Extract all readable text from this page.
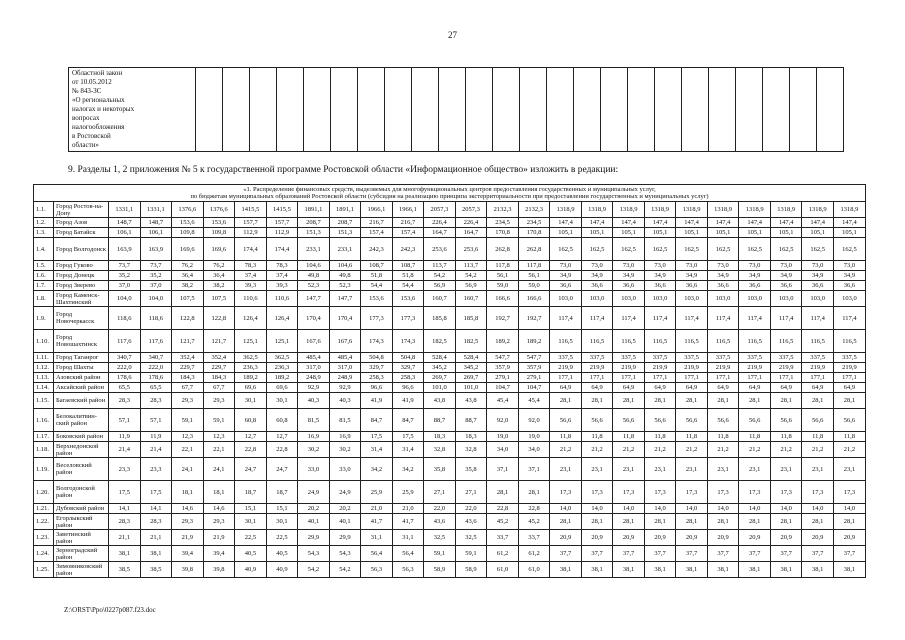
27
Областной закон
от 10.05.2012
№ 843-ЗС
«О региональных
налогах и некоторых
вопросах
налогообложения
в Ростовской
области»

9. Разделы 1, 2 приложения № 5 к государственной программе Ростовской области «Информационное общество» изложить в редакции:
«1. Распределение финансовых средств, выделяемых для многофункциональных центров предоставления государственных и муниципальных услуг,
по бюджетам муниципальных образований Ростовской области (субсидия на реализацию принципа экстерриториальности при предоставлении государственных и муниципальных услуг)																									

1.1.	Город Ростов-на-Дону	1331,1	1331,1	1376,6	1376,6	1415,5	1415,5	1891,1	1891,1	1966,1	1966,1	2057,3	2057,3	2132,3	2132,3	1318,9	1318,9	1318,9	1318,9	1318,9	1318,9	1318,9	1318,9	1318,9	1318,9
1.2.	Город Азов	148,7	148,7	153,6	153,6	157,7	157,7	208,7	208,7	216,7	216,7	226,4	226,4	234,5	234,5	147,4	147,4	147,4	147,4	147,4	147,4	147,4	147,4	147,4	147,4
1.3.	Город Батайск	106,1	106,1	109,8	109,8	112,9	112,9	151,3	151,3	157,4	157,4	164,7	164,7	170,8	170,8	105,1	105,1	105,1	105,1	105,1	105,1	105,1	105,1	105,1	105,1
1.4.	Город Волгодонск	163,9	163,9	169,6	169,6	174,4	174,4	233,1	233,1	242,3	242,3	253,6	253,6	262,8	262,8	162,5	162,5	162,5	162,5	162,5	162,5	162,5	162,5	162,5	162,5
1.5.	Город Гуково	73,7	73,7	76,2	76,2	78,3	78,3	104,6	104,6	108,7	108,7	113,7	113,7	117,8	117,8	73,0	73,0	73,0	73,0	73,0	73,0	73,0	73,0	73,0	73,0
1.6.	Город Донецк	35,2	35,2	36,4	36,4	37,4	37,4	49,8	49,8	51,8	51,8	54,2	54,2	56,1	56,1	34,9	34,9	34,9	34,9	34,9	34,9	34,9	34,9	34,9	34,9
1.7.	Город Зверево	37,0	37,0	38,2	38,2	39,3	39,3	52,3	52,3	54,4	54,4	56,9	56,9	59,0	59,0	36,6	36,6	36,6	36,6	36,6	36,6	36,6	36,6	36,6	36,6
1.8.	Город Каменск-Шахтинский	104,0	104,0	107,5	107,5	110,6	110,6	147,7	147,7	153,6	153,6	160,7	160,7	166,6	166,6	103,0	103,0	103,0	103,0	103,0	103,0	103,0	103,0	103,0	103,0
1.9.	Город Новочеркасск	118,6	118,6	122,8	122,8	126,4	126,4	170,4	170,4	177,3	177,3	185,8	185,8	192,7	192,7	117,4	117,4	117,4	117,4	117,4	117,4	117,4	117,4	117,4	117,4
1.10.	Город Новошахтинск	117,6	117,6	121,7	121,7	125,1	125,1	167,6	167,6	174,3	174,3	182,5	182,5	189,2	189,2	116,5	116,5	116,5	116,5	116,5	116,5	116,5	116,5	116,5	116,5
1.11.	Город Таганрог	340,7	340,7	352,4	352,4	362,5	362,5	485,4	485,4	504,8	504,8	528,4	528,4	547,7	547,7	337,5	337,5	337,5	337,5	337,5	337,5	337,5	337,5	337,5	337,5
1.12.	Город Шахты	222,0	222,0	229,7	229,7	236,3	236,3	317,0	317,0	329,7	329,7	345,2	345,2	357,9	357,9	219,9	219,9	219,9	219,9	219,9	219,9	219,9	219,9	219,9	219,9
1.13.	Азовский район	178,6	178,6	184,3	184,3	189,2	189,2	248,9	248,9	258,3	258,3	269,7	269,7	279,1	279,1	177,1	177,1	177,1	177,1	177,1	177,1	177,1	177,1	177,1	177,1
1.14.	Аксайский район	65,5	65,5	67,7	67,7	69,6	69,6	92,9	92,9	96,6	96,6	101,0	101,0	104,7	104,7	64,9	64,9	64,9	64,9	64,9	64,9	64,9	64,9	64,9	64,9
1.15.	Багаевский район	28,3	28,3	29,3	29,3	30,1	30,1	40,3	40,3	41,9	41,9	43,8	43,8	45,4	45,4	28,1	28,1	28,1	28,1	28,1	28,1	28,1	28,1	28,1	28,1
1.16.	Белокалитвин-ский район	57,1	57,1	59,1	59,1	60,8	60,8	81,5	81,5	84,7	84,7	88,7	88,7	92,0	92,0	56,6	56,6	56,6	56,6	56,6	56,6	56,6	56,6	56,6	56,6
1.17.	Боковский район	11,9	11,9	12,3	12,3	12,7	12,7	16,9	16,9	17,5	17,5	18,3	18,3	19,0	19,0	11,8	11,8	11,8	11,8	11,8	11,8	11,8	11,8	11,8	11,8
1.18.	Верхнедонской район	21,4	21,4	22,1	22,1	22,8	22,8	30,2	30,2	31,4	31,4	32,8	32,8	34,0	34,0	21,2	21,2	21,2	21,2	21,2	21,2	21,2	21,2	21,2	21,2
1.19.	Веселовский район	23,3	23,3	24,1	24,1	24,7	24,7	33,0	33,0	34,2	34,2	35,8	35,8	37,1	37,1	23,1	23,1	23,1	23,1	23,1	23,1	23,1	23,1	23,1	23,1
1.20.	Волгодонской район	17,5	17,5	18,1	18,1	18,7	18,7	24,9	24,9	25,9	25,9	27,1	27,1	28,1	28,1	17,3	17,3	17,3	17,3	17,3	17,3	17,3	17,3	17,3	17,3
1.21.	Дубовский район	14,1	14,1	14,6	14,6	15,1	15,1	20,2	20,2	21,0	21,0	22,0	22,0	22,8	22,8	14,0	14,0	14,0	14,0	14,0	14,0	14,0	14,0	14,0	14,0
1.22.	Егорлыкский район	28,3	28,3	29,3	29,3	30,1	30,1	40,1	40,1	41,7	41,7	43,6	43,6	45,2	45,2	28,1	28,1	28,1	28,1	28,1	28,1	28,1	28,1	28,1	28,1
1.23.	Заветинский район	21,1	21,1	21,9	21,9	22,5	22,5	29,9	29,9	31,1	31,1	32,5	32,5	33,7	33,7	20,9	20,9	20,9	20,9	20,9	20,9	20,9	20,9	20,9	20,9
1.24.	Зерноградский район	38,1	38,1	39,4	39,4	40,5	40,5	54,3	54,3	56,4	56,4	59,1	59,1	61,2	61,2	37,7	37,7	37,7	37,7	37,7	37,7	37,7	37,7	37,7	37,7
1.25.	Зимовниковский район	38,5	38,5	39,8	39,8	40,9	40,9	54,2	54,2	56,3	56,3	58,9	58,9	61,0	61,0	38,1	38,1	38,1	38,1	38,1	38,1	38,1	38,1	38,1	38,1
Z:\ORST\Ppo\0227p087.f23.doc
